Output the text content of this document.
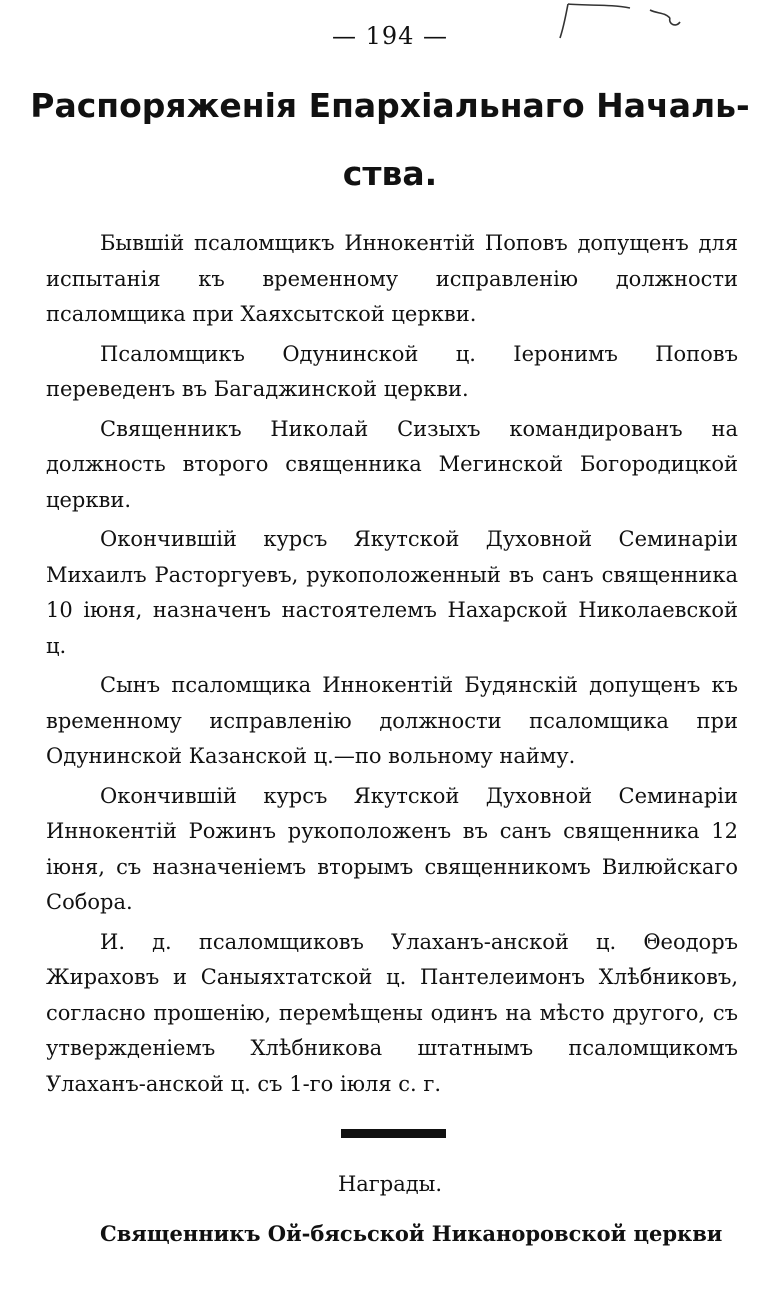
— 194 —
Распоряженія Епархіальнаго Началь-
ства.

Бывшій псаломщикъ Иннокентій Поповъ допущенъ для испытанія къ временному исправленію должности псаломщика при Хаяхсытской церкви.

Псаломщикъ Одунинской ц. Іеронимъ Поповъ переведенъ въ Багаджинской церкви.

Священникъ Николай Сизыхъ командированъ на должность второго священника Мегинской Богородицкой церкви.

Окончившій курсъ Якутской Духовной Семинаріи Михаилъ Расторгуевъ, рукоположенный въ санъ священника 10 іюня, назначенъ настоятелемъ Нахарской Николаевской ц.

Сынъ псаломщика Иннокентій Будянскій допущенъ къ временному исправленію должности псаломщика при Одунинской Казанской ц.—по вольному найму.

Окончившій курсъ Якутской Духовной Семинаріи Иннокентій Рожинъ рукоположенъ въ санъ священника 12 іюня, съ назначеніемъ вторымъ священникомъ Вилюйскаго Собора.

И. д. псаломщиковъ Улаханъ-анской ц. Θеодоръ Жираховъ и Саныяхтатской ц. Пантелеимонъ Хлѣбниковъ, согласно прошенію, перемѣщены одинъ на мѣсто другого, съ утвержденіемъ Хлѣбникова штатнымъ псаломщикомъ Улаханъ-анской ц. съ 1-го іюля с. г.

Награды.
Священникъ Ой-бясьской Никаноровской церкви
